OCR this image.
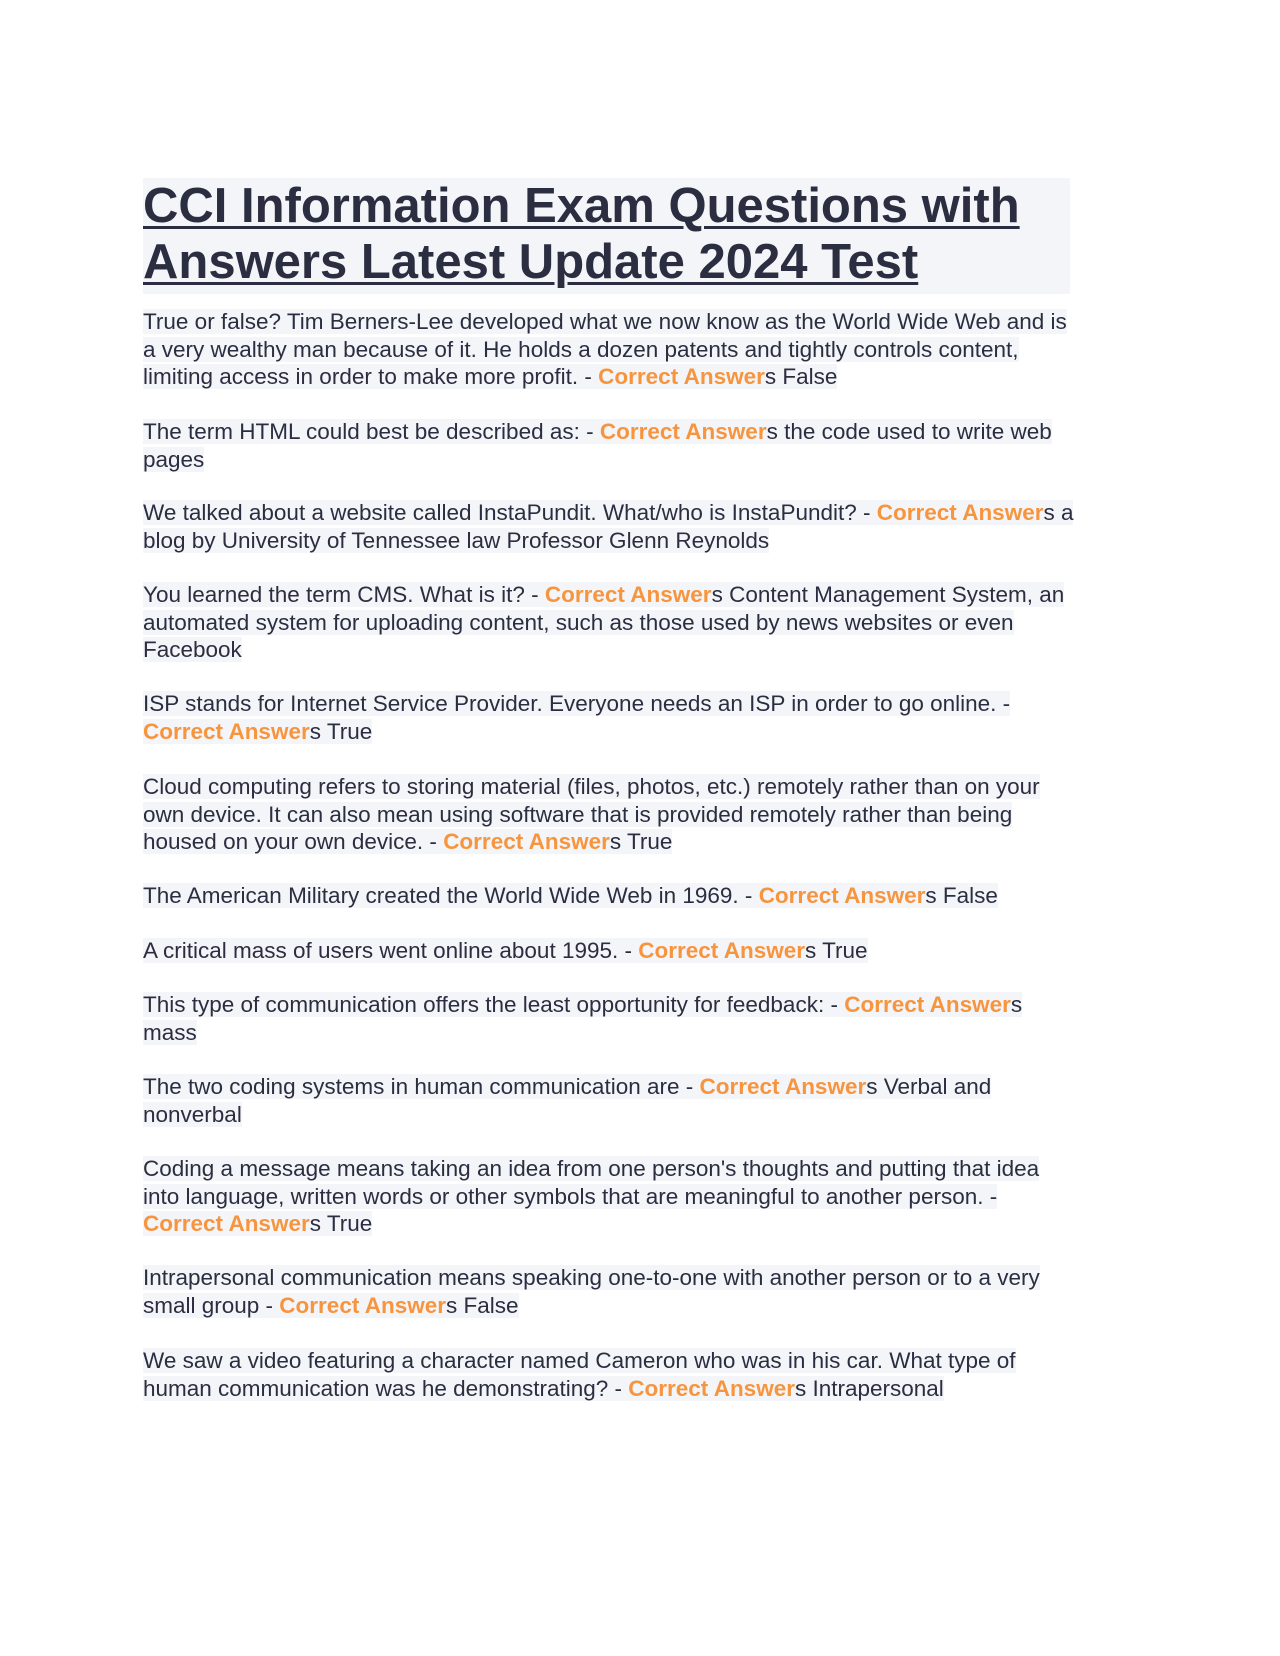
CCI Information Exam Questions with Answers Latest Update 2024 Test

True or false? Tim Berners-Lee developed what we now know as the World Wide Web and is a very wealthy man because of it. He holds a dozen patents and tightly controls content, limiting access in order to make more profit. - Correct Answers False

The term HTML could best be described as: - Correct Answers the code used to write web pages

We talked about a website called InstaPundit. What/who is InstaPundit? - Correct Answers a blog by University of Tennessee law Professor Glenn Reynolds

You learned the term CMS. What is it? - Correct Answers Content Management System, an automated system for uploading content, such as those used by news websites or even Facebook

ISP stands for Internet Service Provider. Everyone needs an ISP in order to go online. - Correct Answers True

Cloud computing refers to storing material (files, photos, etc.) remotely rather than on your own device. It can also mean using software that is provided remotely rather than being housed on your own device. - Correct Answers True

The American Military created the World Wide Web in 1969. - Correct Answers False

A critical mass of users went online about 1995. - Correct Answers True

This type of communication offers the least opportunity for feedback: - Correct Answers mass

The two coding systems in human communication are - Correct Answers Verbal and nonverbal

Coding a message means taking an idea from one person's thoughts and putting that idea into language, written words or other symbols that are meaningful to another person. - Correct Answers True

Intrapersonal communication means speaking one-to-one with another person or to a very small group - Correct Answers False

We saw a video featuring a character named Cameron who was in his car. What type of human communication was he demonstrating? - Correct Answers Intrapersonal
